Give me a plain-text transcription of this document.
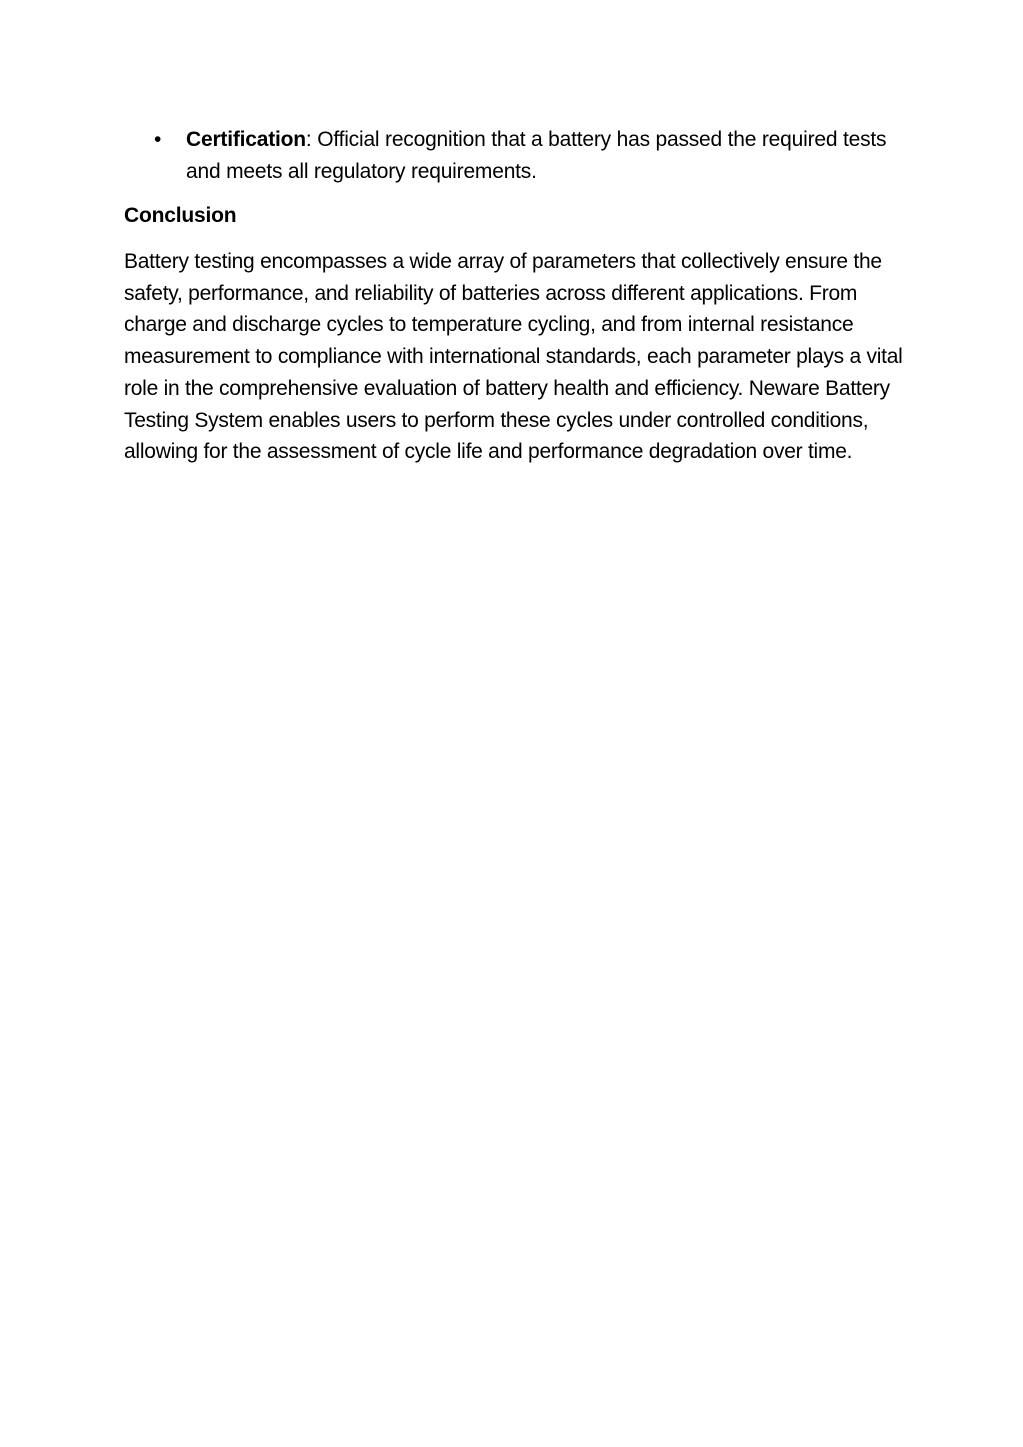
• Certification: Official recognition that a battery has passed the required tests and meets all regulatory requirements.
Conclusion

Battery testing encompasses a wide array of parameters that collectively ensure the safety, performance, and reliability of batteries across different applications. From charge and discharge cycles to temperature cycling, and from internal resistance measurement to compliance with international standards, each parameter plays a vital role in the comprehensive evaluation of battery health and efficiency. Neware Battery Testing System enables users to perform these cycles under controlled conditions, allowing for the assessment of cycle life and performance degradation over time.
